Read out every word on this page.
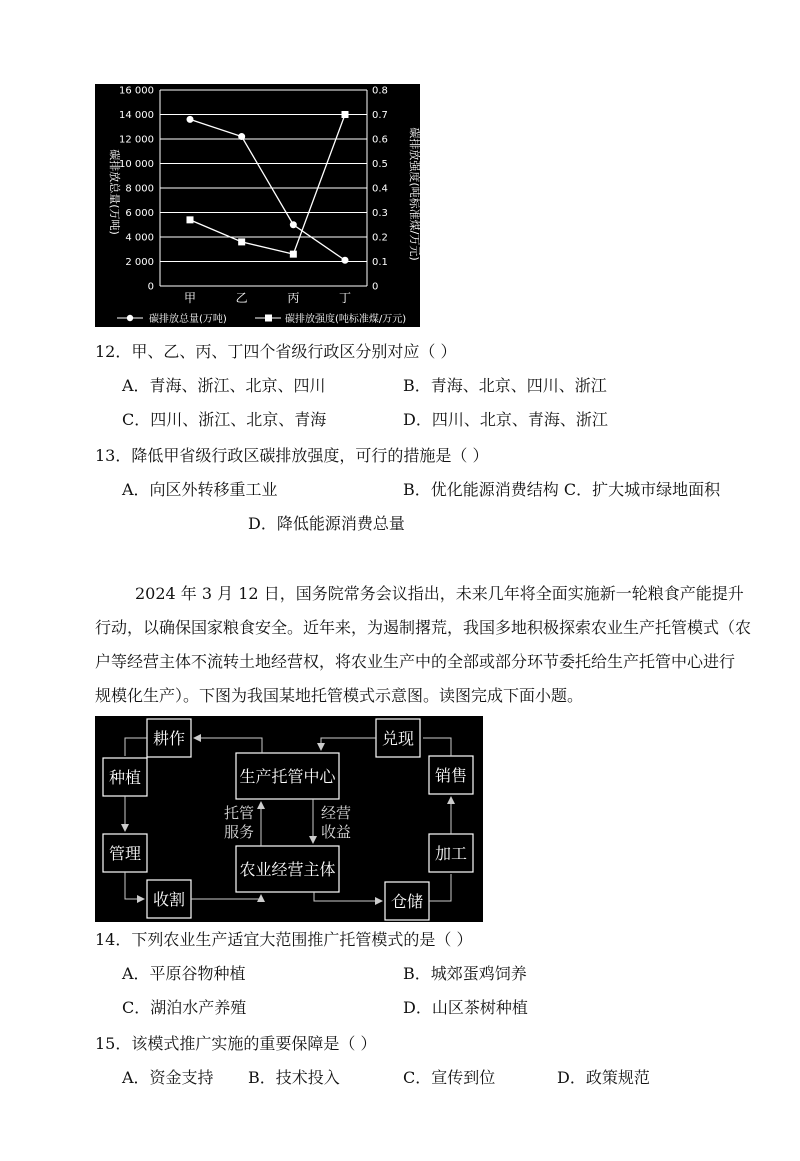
0
2 000
4 000
6 000
8 000
10 000
12 000
14 000
16 000
0
0.1
0.2
0.3
0.4
0.5
0.6
0.7
0.8
甲	乙	丙	丁
碳排放总量(万吨)	碳排放强度(吨标准煤/万元)
碳排放总量(万吨)	碳排放强度(吨标准煤/万元)
12．甲、乙、丙、丁四个省级行政区分别对应（ ）
A．青海、浙江、北京、四川	B．青海、北京、四川、浙江
C．四川、浙江、北京、青海	D．四川、北京、青海、浙江
13．降低甲省级行政区碳排放强度，可行的措施是（ ）
A．向区外转移重工业	B．优化能源消费结构 C．扩大城市绿地面积
D．降低能源消费总量
2024 年 3 月 12 日，国务院常务会议指出，未来几年将全面实施新一轮粮食产能提升
行动，以确保国家粮食安全。近年来，为遏制撂荒，我国多地积极探索农业生产托管模式（农
户等经营主体不流转土地经营权，将农业生产中的全部或部分环节委托给生产托管中心进行
规模化生产）。下图为我国某地托管模式示意图。读图完成下面小题。
生产托管中心
农业经营主体
耕作
种植
管理
收割
兑现
销售
加工
仓储
托管
服务
经营
收益
14．下列农业生产适宜大范围推广托管模式的是（ ）
A．平原谷物种植	B．城郊蛋鸡饲养
C．湖泊水产养殖	D．山区茶树种植
15．该模式推广实施的重要保障是（ ）
A．资金支持 B．技术投入	C．宣传到位	D．政策规范
